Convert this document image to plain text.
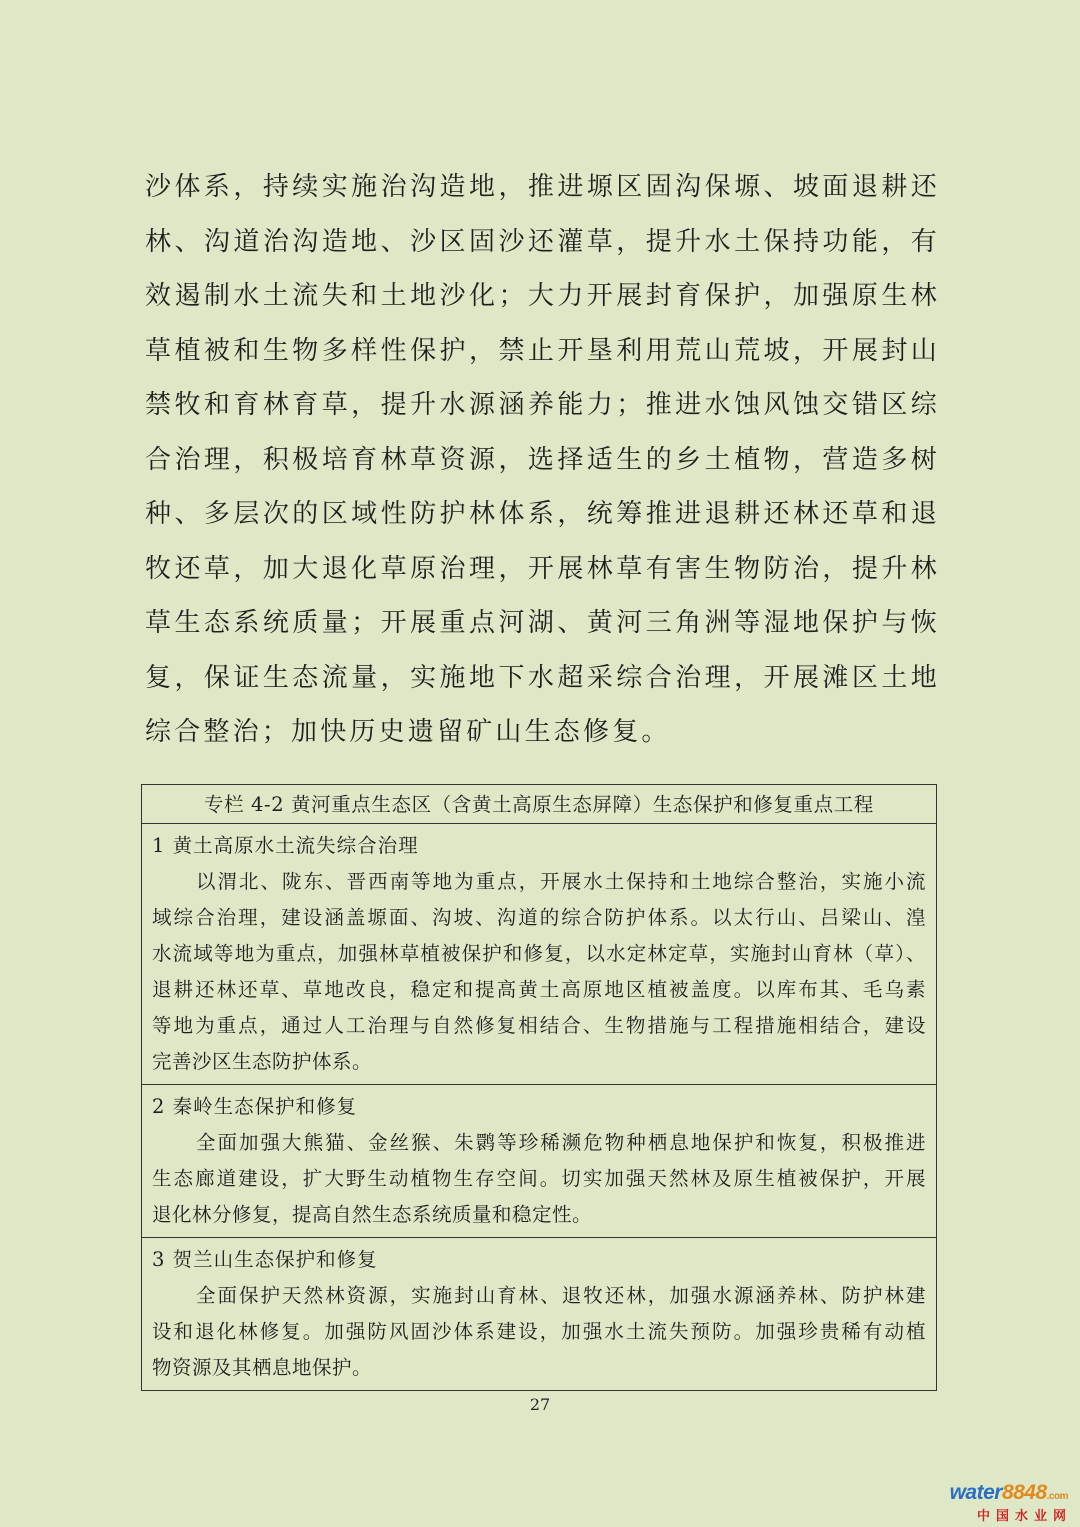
沙体系，持续实施治沟造地，推进塬区固沟保塬、坡面退耕还
林、沟道治沟造地、沙区固沙还灌草，提升水土保持功能，有
效遏制水土流失和土地沙化；大力开展封育保护，加强原生林
草植被和生物多样性保护，禁止开垦利用荒山荒坡，开展封山
禁牧和育林育草，提升水源涵养能力；推进水蚀风蚀交错区综
合治理，积极培育林草资源，选择适生的乡土植物，营造多树
种、多层次的区域性防护林体系，统筹推进退耕还林还草和退
牧还草，加大退化草原治理，开展林草有害生物防治，提升林
草生态系统质量；开展重点河湖、黄河三角洲等湿地保护与恢
复，保证生态流量，实施地下水超采综合治理，开展滩区土地
综合整治；加快历史遗留矿山生态修复。
专栏 4-2 黄河重点生态区（含黄土高原生态屏障）生态保护和修复重点工程
1 黄土高原水土流失综合治理
以渭北、陇东、晋西南等地为重点，开展水土保持和土地综合整治，实施小流
域综合治理，建设涵盖塬面、沟坡、沟道的综合防护体系。以太行山、吕梁山、湟
水流域等地为重点，加强林草植被保护和修复，以水定林定草，实施封山育林（草）、
退耕还林还草、草地改良，稳定和提高黄土高原地区植被盖度。以库布其、毛乌素
等地为重点，通过人工治理与自然修复相结合、生物措施与工程措施相结合，建设
完善沙区生态防护体系。
2 秦岭生态保护和修复
全面加强大熊猫、金丝猴、朱鹮等珍稀濒危物种栖息地保护和恢复，积极推进
生态廊道建设，扩大野生动植物生存空间。切实加强天然林及原生植被保护，开展
退化林分修复，提高自然生态系统质量和稳定性。
3 贺兰山生态保护和修复
全面保护天然林资源，实施封山育林、退牧还林，加强水源涵养林、防护林建
设和退化林修复。加强防风固沙体系建设，加强水土流失预防。加强珍贵稀有动植
物资源及其栖息地保护。
27
water8848.com
中国水业网
